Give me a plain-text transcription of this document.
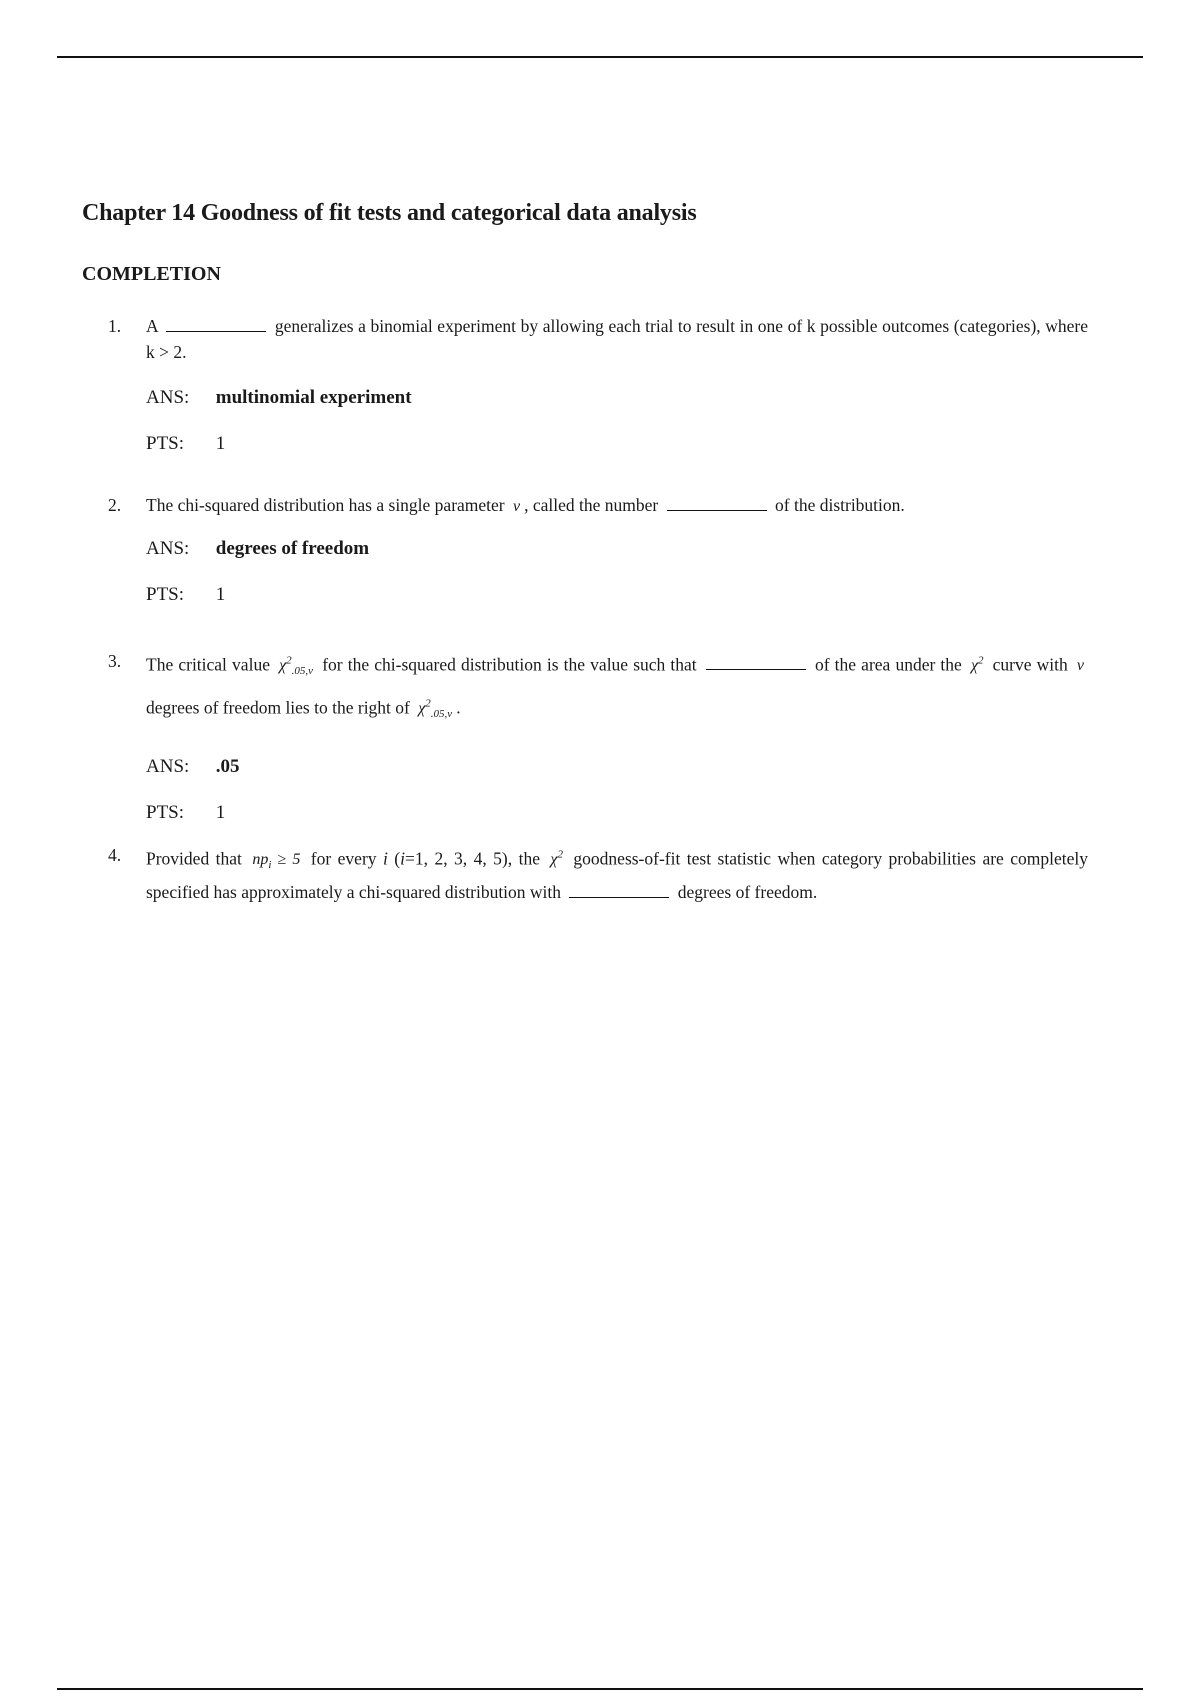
Chapter 14 Goodness of fit tests and categorical data analysis
COMPLETION
1. A	generalizes a binomial experiment by allowing each trial to result in one of k possible outcomes (categories), where k > 2.
ANS: multinomial experiment
PTS: 1
2. The chi-squared distribution has a single parameter ν , called the number	of the distribution.
ANS: degrees of freedom
PTS: 1
3. The critical value $\chi^2_{.05,\nu}$ for the chi-squared distribution is the value such that	of the area under the $\chi^2$ curve with ν degrees of freedom lies to the right of $\chi^2_{.05,\nu}$ .
ANS: .05
PTS: 1
4. Provided that $np_i \ge 5$ for every i (i=1, 2, 3, 4, 5), the $\chi^2$ goodness-of-fit test statistic when category probabilities are completely specified has approximately a chi-squared distribution with	degrees of freedom.
